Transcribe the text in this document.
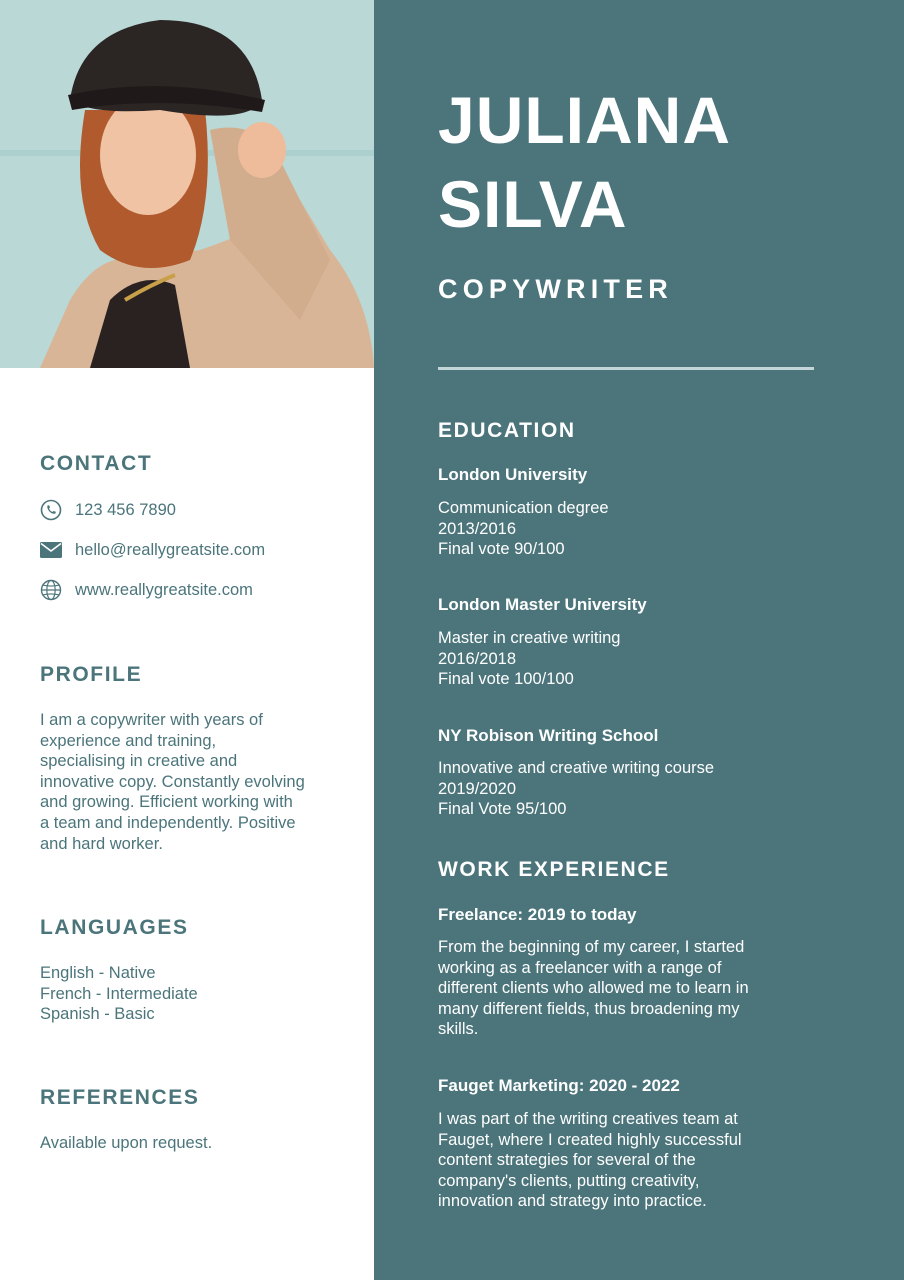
CONTACT
123 456 7890
hello@reallygreatsite.com
www.reallygreatsite.com
PROFILE
I am a copywriter with years of
experience and training,
specialising in creative and
innovative copy. Constantly evolving
and growing. Efficient working with
a team and independently. Positive
and hard worker.
LANGUAGES
English - Native
French - Intermediate
Spanish - Basic
REFERENCES
Available upon request.
JULIANA
SILVA
COPYWRITER
EDUCATION
London University
Communication degree
2013/2016
Final vote 90/100
London Master University
Master in creative writing
2016/2018
Final vote 100/100
NY Robison Writing School
Innovative and creative writing course
2019/2020
Final Vote 95/100
WORK EXPERIENCE
Freelance: 2019 to today
From the beginning of my career, I started
working as a freelancer with a range of
different clients who allowed me to learn in
many different fields, thus broadening my
skills.
Fauget Marketing: 2020 - 2022
I was part of the writing creatives team at
Fauget, where I created highly successful
content strategies for several of the
company's clients, putting creativity,
innovation and strategy into practice.
